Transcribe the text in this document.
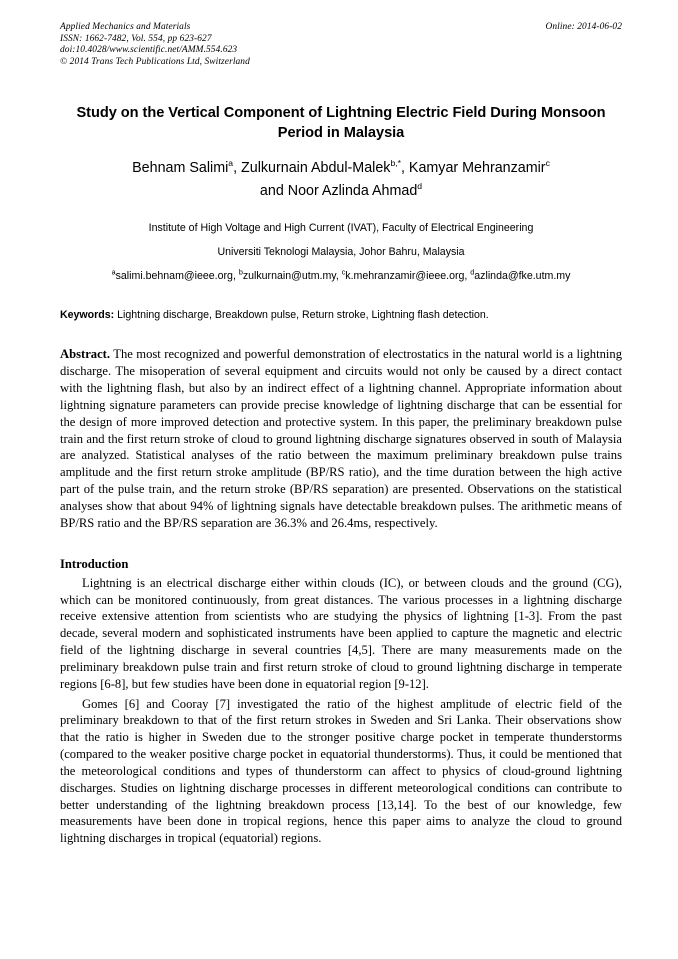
Applied Mechanics and Materials
ISSN: 1662-7482, Vol. 554, pp 623-627
doi:10.4028/www.scientific.net/AMM.554.623
© 2014 Trans Tech Publications Ltd, Switzerland
Online: 2014-06-02
Study on the Vertical Component of Lightning Electric Field During Monsoon Period in Malaysia
Behnam Salimi$^a$, Zulkurnain Abdul-Malek$^{b,*}$, Kamyar Mehranzamir$^c$
and Noor Azlinda Ahmad$^d$
Institute of High Voltage and High Current (IVAT), Faculty of Electrical Engineering
Universiti Teknologi Malaysia, Johor Bahru, Malaysia
$^a$salimi.behnam@ieee.org, $^b$zulkurnain@utm.my, $^c$k.mehranzamir@ieee.org, $^d$azlinda@fke.utm.my

Keywords: Lightning discharge, Breakdown pulse, Return stroke, Lightning flash detection.

Abstract. The most recognized and powerful demonstration of electrostatics in the natural world is a lightning discharge. The misoperation of several equipment and circuits would not only be caused by a direct contact with the lightning flash, but also by an indirect effect of a lightning channel. Appropriate information about lightning signature parameters can provide precise knowledge of lightning discharge that can be essential for the design of more improved detection and protective system. In this paper, the preliminary breakdown pulse train and the first return stroke of cloud to ground lightning discharge signatures observed in south of Malaysia are analyzed. Statistical analyses of the ratio between the maximum preliminary breakdown pulse trains amplitude and the first return stroke amplitude (BP/RS ratio), and the time duration between the high active part of the pulse train, and the return stroke (BP/RS separation) are presented. Observations on the statistical analyses show that about 94% of lightning signals have detectable breakdown pulses. The arithmetic means of BP/RS ratio and the BP/RS separation are 36.3% and 26.4ms, respectively.

Introduction

Lightning is an electrical discharge either within clouds (IC), or between clouds and the ground (CG), which can be monitored continuously, from great distances. The various processes in a lightning discharge receive extensive attention from scientists who are studying the physics of lightning [1-3]. From the past decade, several modern and sophisticated instruments have been applied to capture the magnetic and electric field of the lightning discharge in several countries [4,5]. There are many measurements made on the preliminary breakdown pulse train and first return stroke of cloud to ground lightning discharge in temperate regions [6-8], but few studies have been done in equatorial region [9-12].

Gomes [6] and Cooray [7] investigated the ratio of the highest amplitude of electric field of the preliminary breakdown to that of the first return strokes in Sweden and Sri Lanka. Their observations show that the ratio is higher in Sweden due to the stronger positive charge pocket in temperate thunderstorms (compared to the weaker positive charge pocket in equatorial thunderstorms). Thus, it could be mentioned that the meteorological conditions and types of thunderstorm can affect to physics of cloud-ground lightning discharges. Studies on lightning discharge processes in different meteorological conditions can contribute to better understanding of the lightning breakdown process [13,14]. To the best of our knowledge, few measurements have been done in tropical regions, hence this paper aims to analyze the cloud to ground lightning discharges in tropical (equatorial) regions.
